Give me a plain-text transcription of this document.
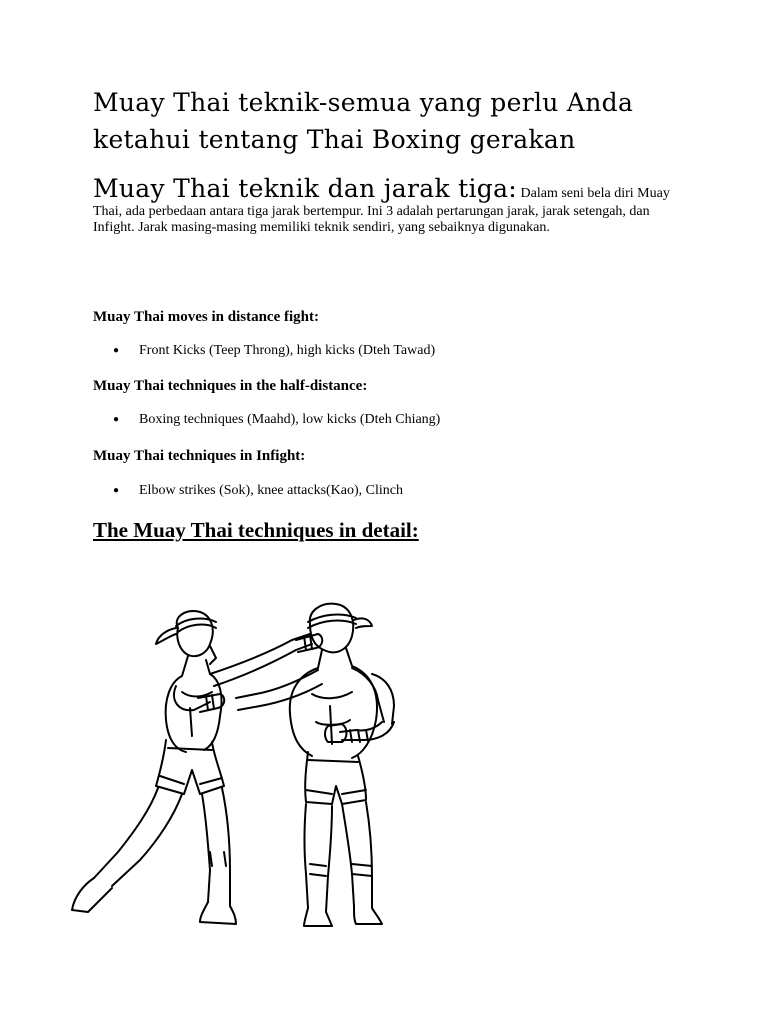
Muay Thai teknik-semua yang perlu Anda ketahui tentang Thai Boxing gerakan
Muay Thai teknik dan jarak tiga: Dalam seni bela diri Muay Thai, ada perbedaan antara tiga jarak bertempur. Ini 3 adalah pertarungan jarak, jarak setengah, dan Infight. Jarak masing-masing memiliki teknik sendiri, yang sebaiknya digunakan.
Muay Thai moves in distance fight:
● Front Kicks (Teep Throng), high kicks (Dteh Tawad)
Muay Thai techniques in the half-distance:
● Boxing techniques (Maahd), low kicks (Dteh Chiang)
Muay Thai techniques in Infight:
● Elbow strikes (Sok), knee attacks(Kao), Clinch
The Muay Thai techniques in detail:
